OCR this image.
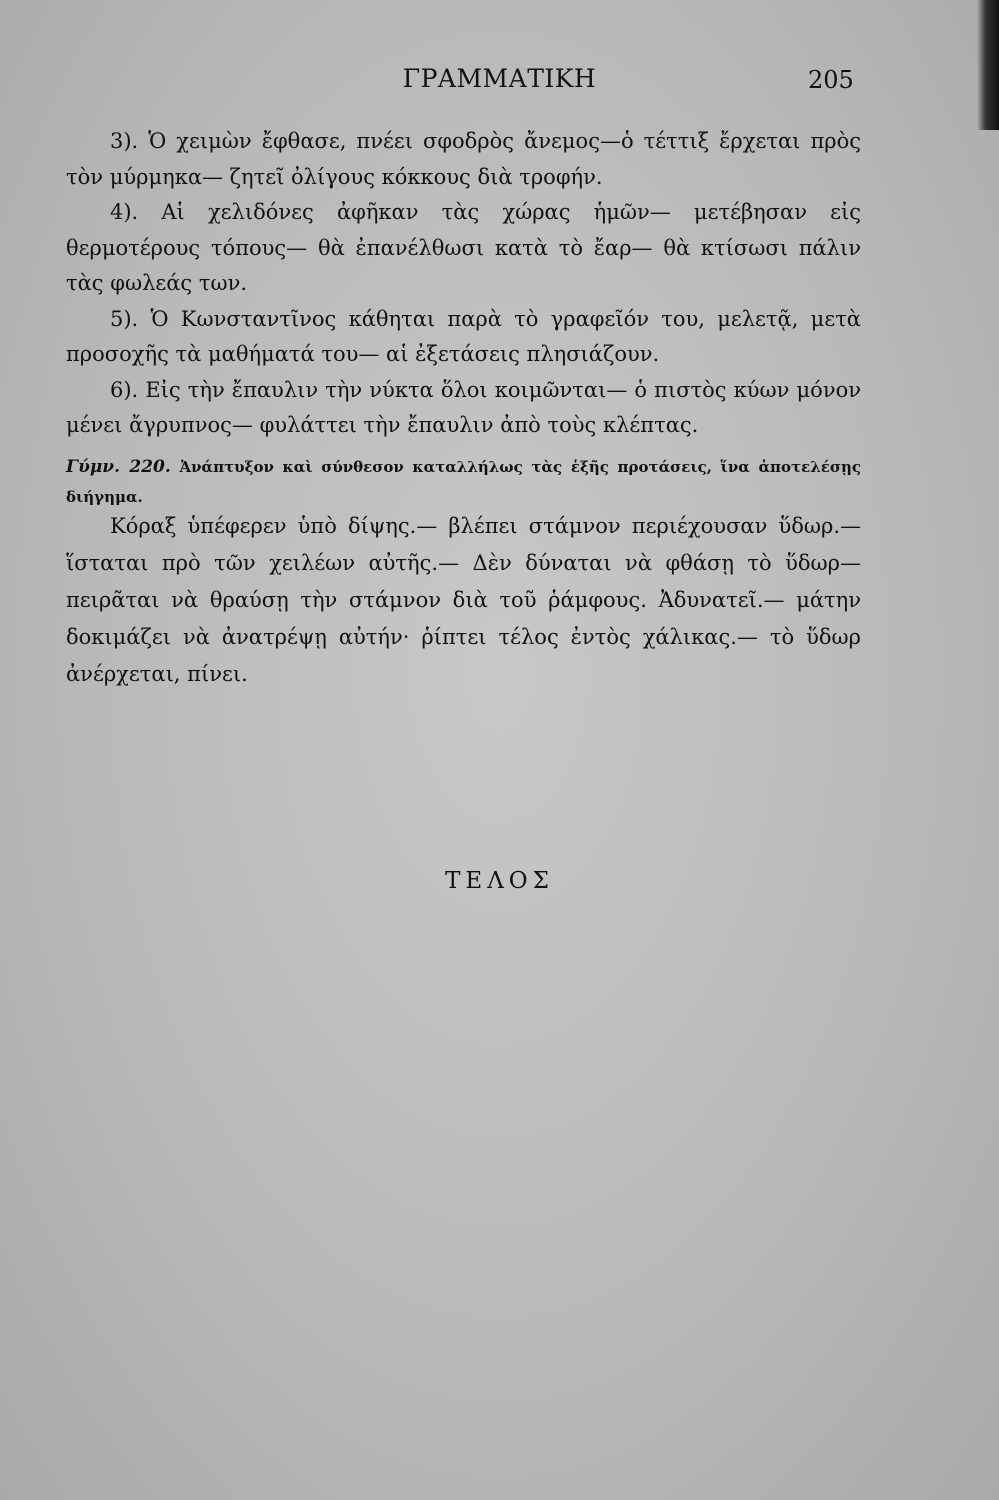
ΓΡΑΜΜΑΤΙΚΗ	205

3). Ὁ χειμὼν ἔφθασε, πνέει σφοδρὸς ἄνεμος—ὁ τέττιξ ἔρχεται πρὸς τὸν μύρμηκα— ζητεῖ ὀλίγους κόκκους διὰ τροφήν.

4). Αἱ χελιδόνες ἀφῆκαν τὰς χώρας ἡμῶν— μετέβησαν εἰς θερμοτέρους τόπους— θὰ ἐπανέλθωσι κατὰ τὸ ἔαρ— θὰ κτίσωσι πάλιν τὰς φωλεάς των.

5). Ὁ Κωνσταντῖνος κάθηται παρὰ τὸ γραφεῖόν του, μελετᾷ, μετὰ προσοχῆς τὰ μαθήματά του— αἱ ἐξετάσεις πλησιάζουν.

6). Εἰς τὴν ἔπαυλιν τὴν νύκτα ὅλοι κοιμῶνται— ὁ πιστὸς κύων μόνον μένει ἄγρυπνος— φυλάττει τὴν ἔπαυλιν ἀπὸ τοὺς κλέπτας.

Γύμν. 220. Ἀνάπτυξον καὶ σύνθεσον καταλλήλως τὰς ἑξῆς προτάσεις, ἵνα ἀποτελέσῃς διήγημα.

Κόραξ ὑπέφερεν ὑπὸ δίψης.— βλέπει στάμνον περιέχουσαν ὕδωρ.— ἵσταται πρὸ τῶν χειλέων αὐτῆς.— Δὲν δύναται νὰ φθάσῃ τὸ ὕδωρ— πειρᾶται νὰ θραύσῃ τὴν στάμνον διὰ τοῦ ῥάμφους. Ἀδυνατεῖ.— μάτην δοκιμάζει νὰ ἀνατρέψῃ αὐτήν· ῥίπτει τέλος ἐντὸς χάλικας.— τὸ ὕδωρ ἀνέρχεται, πίνει.

ΤΕΛΟΣ
